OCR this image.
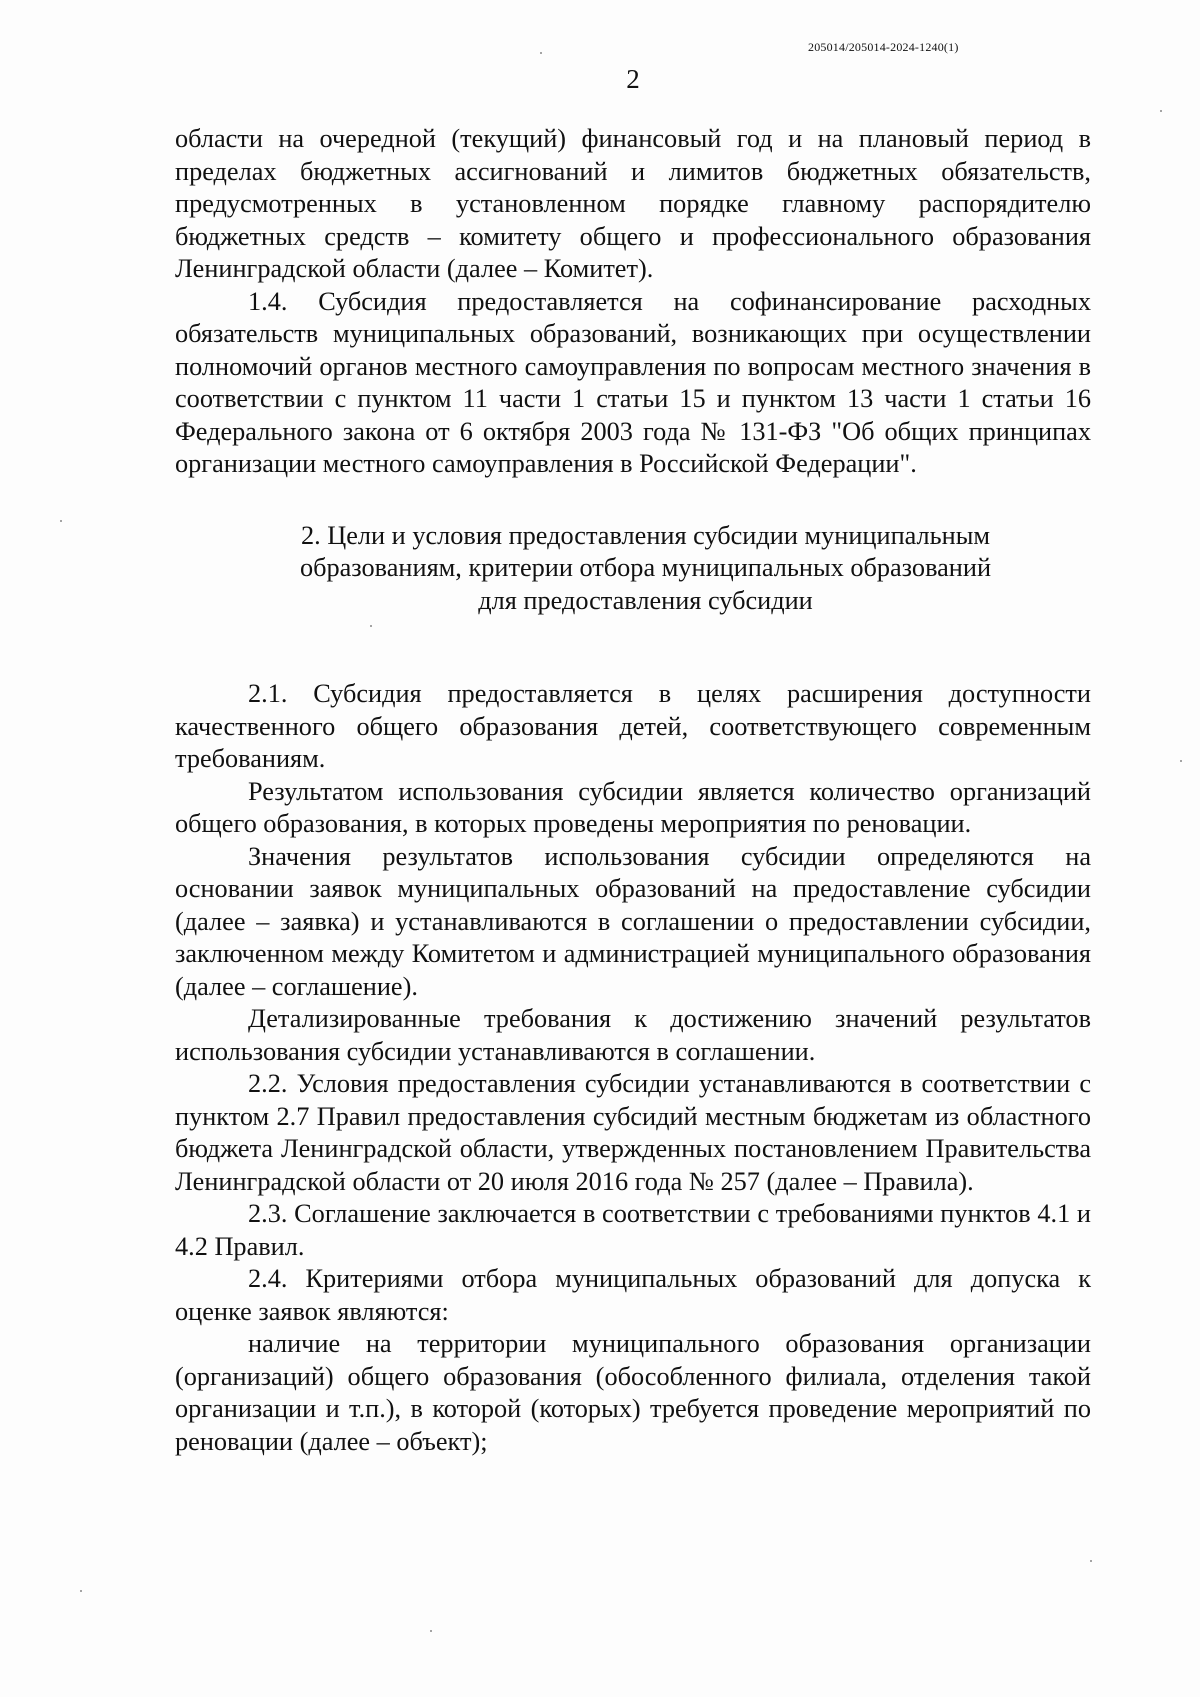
205014/205014-2024-1240(1)
2

области на очередной (текущий) финансовый год и на плановый период в пределах бюджетных ассигнований и лимитов бюджетных обязательств, предусмотренных в установленном порядке главному распорядителю бюджетных средств – комитету общего и профессионального образования Ленинградской области (далее – Комитет).

1.4. Субсидия предоставляется на софинансирование расходных обязательств муниципальных образований, возникающих при осуществлении полномочий органов местного самоуправления по вопросам местного значения в соответствии с пунктом 11 части 1 статьи 15 и пунктом 13 части 1 статьи 16 Федерального закона от 6 октября 2003 года № 131-ФЗ "Об общих принципах организации местного самоуправления в Российской Федерации".

2. Цели и условия предоставления субсидии муниципальным
образованиям, критерии отбора муниципальных образований
для предоставления субсидии

2.1. Субсидия предоставляется в целях расширения доступности качественного общего образования детей, соответствующего современным требованиям.

Результатом использования субсидии является количество организаций общего образования, в которых проведены мероприятия по реновации.

Значения результатов использования субсидии определяются на основании заявок муниципальных образований на предоставление субсидии (далее – заявка) и устанавливаются в соглашении о предоставлении субсидии, заключенном между Комитетом и администрацией муниципального образования (далее – соглашение).

Детализированные требования к достижению значений результатов использования субсидии устанавливаются в соглашении.

2.2. Условия предоставления субсидии устанавливаются в соответствии с пунктом 2.7 Правил предоставления субсидий местным бюджетам из областного бюджета Ленинградской области, утвержденных постановлением Правительства Ленинградской области от 20 июля 2016 года № 257 (далее – Правила).

2.3. Соглашение заключается в соответствии с требованиями пунктов 4.1 и 4.2 Правил.

2.4. Критериями отбора муниципальных образований для допуска к оценке заявок являются:

наличие на территории муниципального образования организации (организаций) общего образования (обособленного филиала, отделения такой организации и т.п.), в которой (которых) требуется проведение мероприятий по реновации (далее – объект);
